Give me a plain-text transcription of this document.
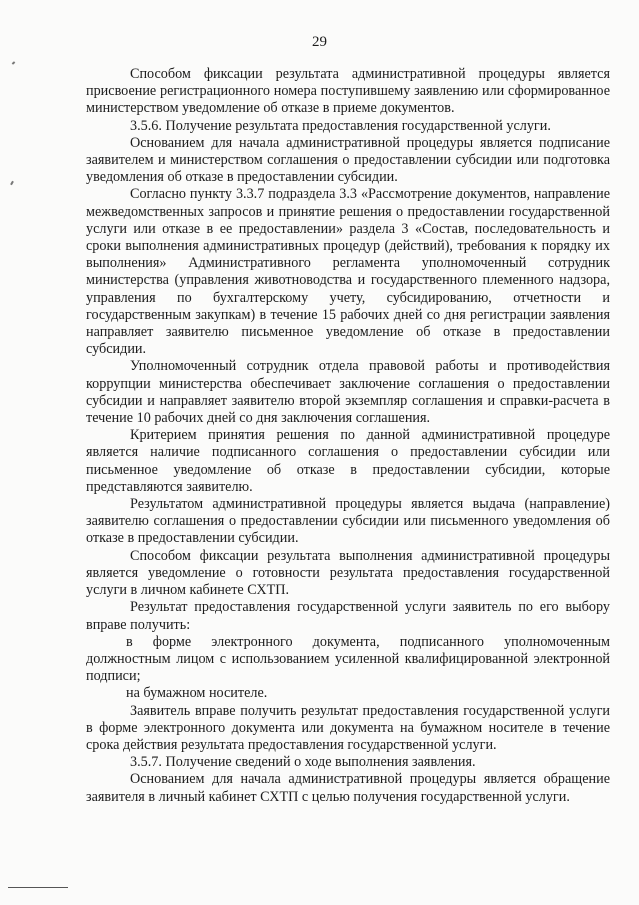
29

Способом фиксации результата административной процедуры является присвоение регистрационного номера поступившему заявлению или сформированное министерством уведомление об отказе в приеме документов.

3.5.6. Получение результата предоставления государственной услуги.

Основанием для начала административной процедуры является подписание заявителем и министерством соглашения о предоставлении субсидии или подготовка уведомления об отказе в предоставлении субсидии.

Согласно пункту 3.3.7 подраздела 3.3 «Рассмотрение документов, направление межведомственных запросов и принятие решения о предоставлении государственной услуги или отказе в ее предоставлении» раздела 3 «Состав, последовательность и сроки выполнения административных процедур (действий), требования к порядку их выполнения» Административного регламента уполномоченный сотрудник министерства (управления животноводства и государственного племенного надзора, управления по бухгалтерскому учету, субсидированию, отчетности и государственным закупкам) в течение 15 рабочих дней со дня регистрации заявления направляет заявителю письменное уведомление об отказе в предоставлении субсидии.

Уполномоченный сотрудник отдела правовой работы и противодействия коррупции министерства обеспечивает заключение соглашения о предоставлении субсидии и направляет заявителю второй экземпляр соглашения и справки-расчета в течение 10 рабочих дней со дня заключения соглашения.

Критерием принятия решения по данной административной процедуре является наличие подписанного соглашения о предоставлении субсидии или письменное уведомление об отказе в предоставлении субсидии, которые представляются заявителю.

Результатом административной процедуры является выдача (направление) заявителю соглашения о предоставлении субсидии или письменного уведомления об отказе в предоставлении субсидии.

Способом фиксации результата выполнения административной процедуры является уведомление о готовности результата предоставления государственной услуги в личном кабинете СХТП.

Результат предоставления государственной услуги заявитель по его выбору вправе получить:

в форме электронного документа, подписанного уполномоченным должностным лицом с использованием усиленной квалифицированной электронной подписи;

на бумажном носителе.

Заявитель вправе получить результат предоставления государственной услуги в форме электронного документа или документа на бумажном носителе в течение срока действия результата предоставления государственной услуги.

3.5.7. Получение сведений о ходе выполнения заявления.

Основанием для начала административной процедуры является обращение заявителя в личный кабинет СХТП с целью получения государственной услуги.
